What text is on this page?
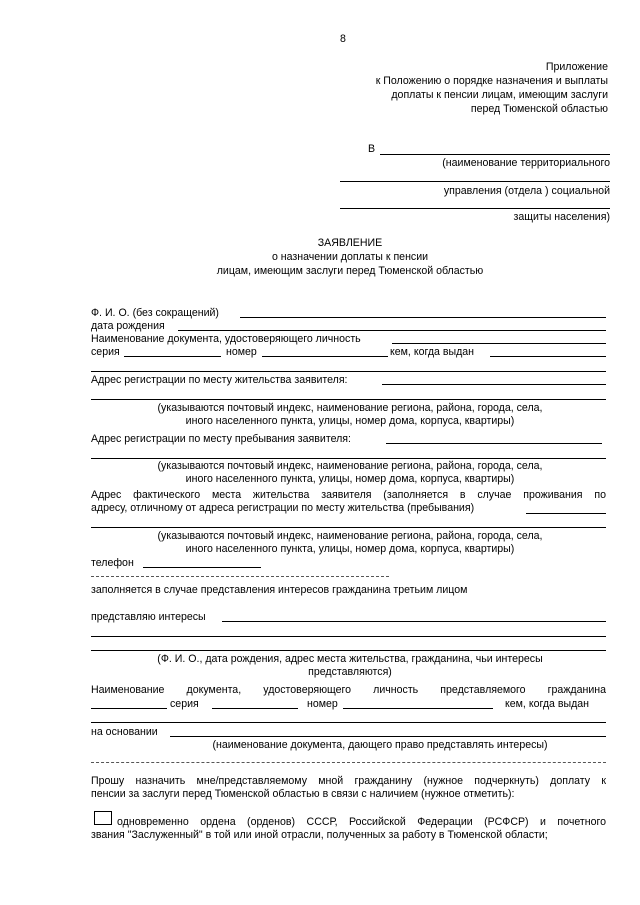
8
Приложение
к Положению о порядке назначения и выплаты
доплаты к пенсии лицам, имеющим заслуги
перед Тюменской областью
В
(наименование территориального
управления (отдела ) социальной
защиты населения)
ЗАЯВЛЕНИЕ
о назначении доплаты к пенсии
лицам, имеющим заслуги перед Тюменской областью
Ф. И. О. (без сокращений)
дата рождения
Наименование документа, удостоверяющего личность
серия	номер	кем, когда выдан
Адрес регистрации по месту жительства заявителя:
(указываются почтовый индекс, наименование региона, района, города, села,
иного населенного пункта, улицы, номер дома, корпуса, квартиры)
Адрес регистрации по месту пребывания заявителя:
(указываются почтовый индекс, наименование региона, района, города, села,
иного населенного пункта, улицы, номер дома, корпуса, квартиры)
Адрес фактического места жительства заявителя (заполняется в случае проживания по
адресу, отличному от адреса регистрации по месту жительства (пребывания)
(указываются почтовый индекс, наименование региона, района, города, села,
иного населенного пункта, улицы, номер дома, корпуса, квартиры)
телефон
заполняется в случае представления интересов гражданина третьим лицом
представляю интересы
(Ф. И. О., дата рождения, адрес места жительства, гражданина, чьи интересы
представляются)
Наименование документа, удостоверяющего личность представляемого гражданина
серия	номер	кем, когда выдан
на основании
(наименование документа, дающего право представлять интересы)
Прошу назначить мне/представляемому мной гражданину (нужное подчеркнуть) доплату к
пенсии за заслуги перед Тюменской областью в связи с наличием (нужное отметить):
одновременно ордена (орденов) СССР, Российской Федерации (РСФСР) и почетного
звания "Заслуженный" в той или иной отрасли, полученных за работу в Тюменской области;
